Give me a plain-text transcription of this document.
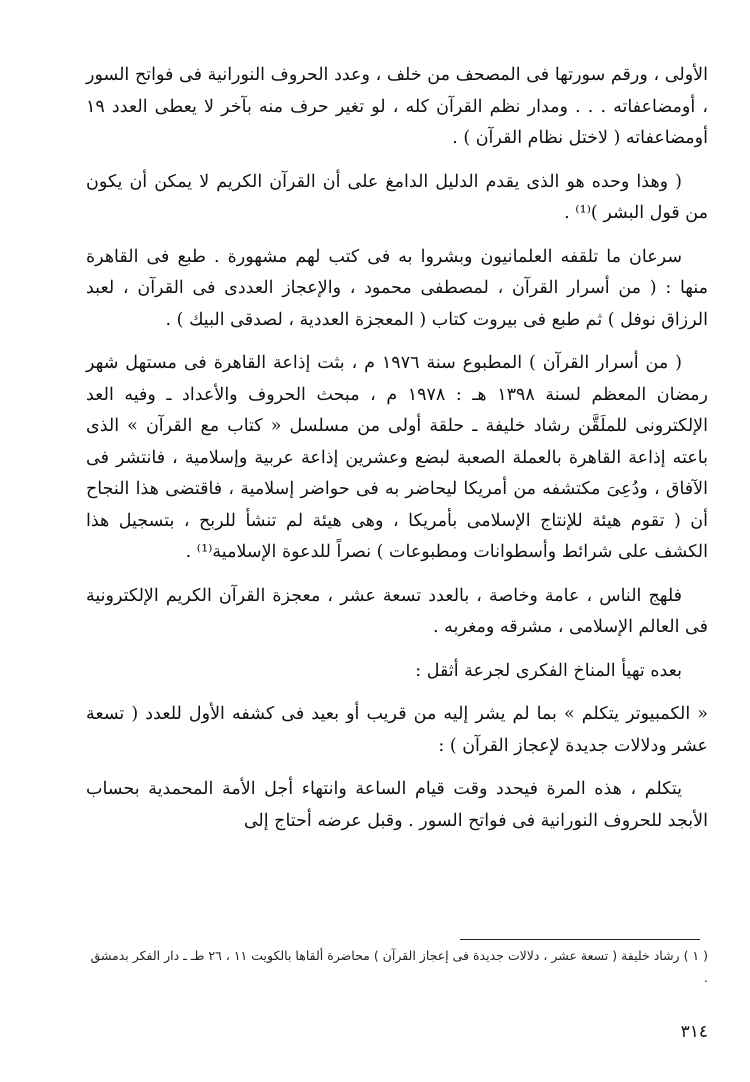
الأولى ، ورقم سورتها فى المصحف من خلف ، وعدد الحروف النورانية فى فواتح السور ، أومضاعفاته . . . ومدار نظم القرآن كله ، لو تغير حرف منه بآخر لا يعطى العدد ١٩ أومضاعفاته ( لاختل نظام القرآن ) .

( وهذا وحده هو الذى يقدم الدليل الدامغ على أن القرآن الكريم لا يمكن أن يكون من قول البشر )⁽¹⁾ .

سرعان ما تلقفه العلمانيون وبشروا به فى كتب لهم مشهورة . طبع فى القاهرة منها : ( من أسرار القرآن ، لمصطفى محمود ، والإعجاز العددى فى القرآن ، لعبد الرزاق نوفل ) ثم طبع فى بيروت كتاب ( المعجزة العددية ، لصدقى البيك ) .

( من أسرار القرآن ) المطبوع سنة ١٩٧٦ م ، بثت إذاعة القاهرة فى مستهل شهر رمضان المعظم لسنة ١٣٩٨ هـ : ١٩٧٨ م ، مبحث الحروف والأعداد ـ وفيه العد الإلكترونى للملَقَّن رشاد خليفة ـ حلقة أولى من مسلسل « كتاب مع القرآن » الذى باعته إذاعة القاهرة بالعملة الصعبة لبضع وعشرين إذاعة عربية وإسلامية ، فانتشر فى الآفاق ، ودُعِىَ مكتشفه من أمريكا ليحاضر به فى حواضر إسلامية ، فاقتضى هذا النجاح أن ( تقوم هيئة للإنتاج الإسلامى بأمريكا ، وهى هيئة لم تنشأ للربح ، بتسجيل هذا الكشف على شرائط وأسطوانات ومطبوعات ) نصراً للدعوة الإسلامية⁽¹⁾ .

فلهج الناس ، عامة وخاصة ، بالعدد تسعة عشر ، معجزة القرآن الكريم الإلكترونية فى العالم الإسلامى ، مشرقه ومغربه .

بعده تهيأ المناخ الفكرى لجرعة أثقل :

« الكمبيوتر يتكلم » بما لم يشر إليه من قريب أو بعيد فى كشفه الأول للعدد ( تسعة عشر ودلالات جديدة لإعجاز القرآن ) :

يتكلم ، هذه المرة فيحدد وقت قيام الساعة وانتهاء أجل الأمة المحمدية بحساب الأبجد للحروف النورانية فى فواتح السور . وقبل عرضه أحتاج إلى

( ١ ) رشاد خليفة ( تسعة عشر ، دلالات جديدة فى إعجاز القرآن ) محاضرة ألقاها بالكويت ١١ ، ٢٦ طـ ـ دار الفكر بدمشق .
٣١٤
